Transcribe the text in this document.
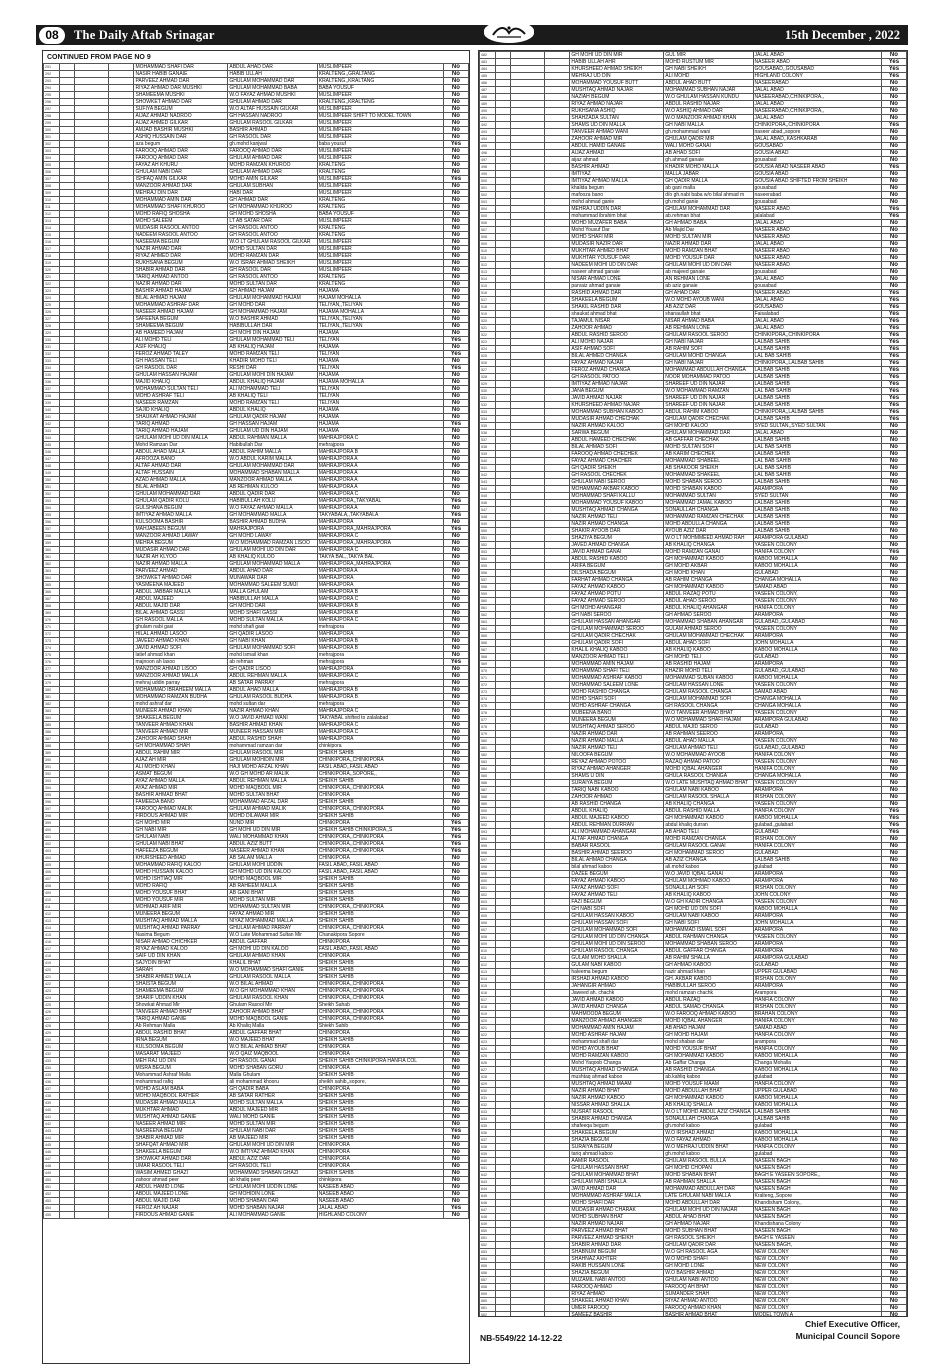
08	The Daily Aftab Srinagar	15th December , 2022
CONTINUED FROM PAGE NO 9
291				MOHAMMAD SHAFI DAR	ABDUL AHAD DAR	MUSLIMPEER	No
292				NASIR HABIB GANAIE	HABIB ULLAH	KRALTENG,,GRALTANG	No
293				PARVEEZ AHMAD DAR	GHULAM MOHAMMAD DAR	KRALTENG,,KRALTANG	No
294				RIYAZ AHMAD DAR MUSHKI	GHULAM MOHAMMAD BABA	BABA YOUSUF	No
295				SHAMEEMA MUSHKI	W.O FAYAZ AHMAD MUSHKI	MUSLIMPEER	No
296				SHOWKET AHMAD DAR	GHULAM AHMAD DAR	KRALTENG,,KRALTENG	No
297				SUFIYA BEGUM	W.O ALTAF HUSSAIN GILKAR	MUSLIMPEER	No
298				AIJAZ AHMAD NADROO	GH HASSAN NADROO	MUSLIMPEER SHIFT TO MODEL TOWN	No
299				AIJAZ AHMED GILKAR	GHULAM RASOOL GILKAR	MUSLIMPEER	No
300				AMJAD BASHIR MUSHKI	BASHIR AHMAD	MUSLIMPEER	No
301				ASHIQ HUSSAIN DAR	GH RASOOL DAR	MUSLIMPEER	No
302				aza begum	gh.mohd kanjwal	baba yousuf	Yes
303				FAROOQ AHMAD DAR	FAROOQ AHMAD DAR	MUSLIMPEER	No
304				FAROOQ AHMAD DAR	GHULAM AHMAD DAR	MUSLIMPEER	No
305				FAYAZ AH KHURU	MOHD RAMZAN KHUROO	KRALTENG	No
306				GHULAM NABI DAR	GHULAM AHMAD DAR	KRALTENG	No
307				ISHFAQ AMIN GILKAR	MOHD AMIN GILKAR	MUSLIMPEER	Yes
308				MANZOOR AHMAD DAR	GHULAM SUBHAN	MUSLIMPEER	No
309				MEHRAJ DIN DAR	HABI DAR	MUSLIMPEER	No
310				MOHAMMAD AMIN DAR	GH AHMAD DAR	KRALTENG	No
311				MOHAMMAD SHAFI KHUROO	GH MOHAMMAD KHUROO	KRALTENG	No
312				MOHD RAFIQ SHOSHA	GH MOHD SHOSHA	BABA YOUSUF	No
313				MOHD SALEEM	LT AB SATAR DAR	MUSLIMPEER	No
314				MUDASIR RASOOL ANTOO	GH RASOOL ANTOO	KRALTENG	No
315				NADEEM RASOOL ANTOO	GH RASOOL ANTOO	KRALTENG	No
316				NASEEMA BEGUM	W.O LT GHULAM RASOOL GILKAR	MUSLIMPEER	No
317				NAZIR AHMAD DAR	MOHD SULTAN DAR	MUSLIMPEER	No
318				RIYAZ AHMED DAR	MOHD RAMZAN DAR	MUSLIMPEER	No
319				RUKHSANA BEGUM	W.O ISRAR AHMAD SHEIKH	MUSLIMPEER	No
320				SHABIR AHMAD DAR	GH RASOOL DAR	MUSLIMPEER	No
321				TARIQ AHMAD ANTOO	GH RASOOL ANTOO	KRALTENG	No
322				NAZIR AHMAD DAR	MOHD SULTAN DAR	KRALTENG	No
323				BASHIR AHMAD HAJAM	GH AHMAD HAJAM	HAJAMA	No
324				BILAL AHMAD HAJAM	GHULAM MOHAMMAD HAJAM	HAJAM MOHALLA	No
325				MOHAMMAD ASHRAF DAR	GH MOHD DAR	TELIYAN,,TELIYAN	No
326				NASEER AHMAD HAJAM	GH MOHAMMAD HAJAM	HAJAMA MOHALLA	No
327				SAFEENA BEGUM	W.O BASHIR AHMAD	TELIYAN,,TELIYAN	No
328				SHAMEEMA BEGUM	HABIBULLAH DAR	TELIYAN,,TELIYAN	No
329				AB HAMEED HAJAM	GH MOHI DIN HAJAM	HAJAMA	No
330				ALI MOHD TELI	GHULAM MOHAMMAD TELI	TELIYAN	Yes
331				ASIF KHALIQ	AB KHALIQ HAJAM	HAJAMA	No
332				FEROZ AHMAD TALEY	MOHD RAMZAN TELI	TELIYAN	Yes
333				GH HASSAN TELI	KHADIR MOHD TELI	HAJAMA	No
334				GH RASOOL DAR	RESHI DAR	TELIYAN	Yes
335				GHULAM HASSAN HAJAM	GHULAM MOHI DIN HAJAM	HAJAMA	No
336				MAJID KHALIQ	ABDUL KHALIQ HAJAM	HAJAMA MOHALLA	No
337				MOHAMMAD SULTAN TELI	ALI MOHAMMAD TELI	TELIYAN	No
338				MOHD ASHRAF TELI	AB KHALIQ TELI	TELIYAN	No
339				NASEER RAMZAN	MOHD RAMZAN TELI	TELIYAN	No
340				SAJID KHALIQ	ABDUL KHALIQ	HAJAMA	No
341				SHAUKAT AHMAD HAJAM	GHULAM QADIR HAJAM	HAJAMA	No
342				TARIQ AHMAD	GH HASSAN HAJAM	HAJAMA	Yes
343				TARIQ AHMAD HAJAM	GHULAM UD DIN HAJAM	HAJAMA	No
344				GHULAM MOHI UD DIN MALLA	ABDUL RAHMAN MALLA	MAHRAJPORA C	No
345				Mohd Ramzan Dar	Habibullah Dar	mehrajpora	No
346				ABDUL AHAD MALLA	ABDUL RAHIM MALLA	MAHRAJPORA B	No
347				AFROOZA BANO	W.O ABDUL KARIM MALLA	MAHRAJPORA A	No
348				ALTAF AHMAD DAR	GHULAM MOHAMMAD DAR	MAHRAJPORA A	No
349				ALTAF HUSSAIN	MOHAMMAD SHABAN MALLA	MAHRAJPORA A	No
350				AZAD AHMAD MALLA	MANZOOR AHMAD MALLA	MAHRAJPORA A	No
351				BILAL AHMAD	AB REHMAN KULOO	MAHRAJPORA A	No
352				GHULAM MOHAMMAD DAR	ABDUL QADIR DAR	MAHRAJPORA C	No
353				GHULAM QADIR KOLU	HABIBULLAH KOLU	MAHRAJPORA,,TAKYABAL	Yes
354				GULSHANA BEGUM	W.O FAYAZ AHMAD MALLA	MAHRAJPORA A	No
355				IMTIYAZ AHMAD MALLA	GH MOHAMMAD MALLA	TAKYABALA,,TAKYABALA	Yes
356				KULSOOMA BASHIR	BASHIR AHMAD BUDHA	MAHRAJPORA	No
357				MAHJABEEN BEGUM	MAHRAJPORA	MAHRAJPORA,,MAHRAJPORA	Yes
358				MANZOOR AHMAD LAWAY	GH MOHD LAWAY	MAHRAJPORA C	No
359				MEHRA BEGUM	W.O MOHAMMAD RAMZAN LISOO	MAHRAJPORA,,MAHRAJPORA	No
360				MUDASIR AHMAD DAR	GHULAM MOHI UD DIN DAR	MAHRAJPORA C	No
361				NAZIR AH KLYOO	AB KHALIQ KULOO	TAKYA BAL,,TAKYA BAL	No
362				NAZIR AHMAD MALLA	GHULAM MOHAMMAD MALLA	MAHRAJPORA,,MAHRAJPORA	No
363				PARVEEZ AHMAD	ABDUL AHAD DAR	MAHRAJPORA A	No
364				SHOWKET AHMAD DAR	MUNAWAR DAR	MAHRAJPORA	No
365				YASMEENA MAJEED	MOHAMMAD SALEEM SUMJI	MAHRAJPORA	No
366				ABDUL JABBAR MALLA	MALLA GHULAM	MAHRAJPORA B	No
367				ABDUL MAJEED	HABIBULLAH MALLA	MAHRAJPORA C	No
368				ABDUL MAJID DAR	GH MOHD DAR	MAHRAJPORA B	No
369				BILAL AHMAD GASSI	MOHD SHAFI GASSI	MAHRAJPORA B	No
370				GH RASOOL MALLA	MOHD SULTAN MALLA	MAHRAJPORA C	No
371				ghulam nabi gasi	mohd shafi gasi	mehrajpora	No
372				HILAL AHMAD LASOO	GH QADIR LASOO	MAHRAJPORA	No
373				JAVEED AHMAD KHAN	GH NABI KHAN	MAHRAJPORA B	No
374				JAVID AHMAD SOFI	GHULAM MOHAMMAD SOFI	MAHRAJPORA B	No
375				latief ahmad khan	mohd ismail khan	mehrajpora	No
376				majnoon ah lasoo	ab rehman	mehrajpora	Yes
377				MANZOOR AHMAD LISOO	GH QADIR LISOO	MAHRAJPORA	No
378				MANZOOR AHMAD MALLA	ABDUL REHMAN MALLA	MAHRAJPORA C	No
379				mehraj uddin parray	AB SATAR PARRAY	mehrajpora	No
380				MOHAMMAD IBRAHEEM MALLA	ABDUL AHAD MALLA	MAHRAJPORA B	No
381				MOHAMMAD RAMZAN BUDHA	GHULAM RASOOL BUDHA	MAHRAJPORA B	No
382				mohd ashraf dar	mohd sultan dar	mehrajpora	No
383				MUNEER AHMAD KHAN	NAZIR AHMAD KHAN	MAHRAJPORA C	No
384				SHAKEELA BEGUM	W.O JAVID AHMAD WANI	TAKYABAL shifted to zalalabad	No
385				TANVEER AHMAD KHAN	BASHIR AHMAD KHAN	MAHRAJPORA C	No
386				TANVEER AHMAD MIR	MUNEER HASSAN MIR	MAHRAJPORA C	No
387				ZAHOOR AHMAD SHAH	ABDUL RASHID SHAH	MAHRAJPORA	No
388				GH MOHAMMAD SHAH	mohammad ramzan dar	chinkipora	No
389				ABDUL RAHIM MIR	GHULAM RASOOL MIR	SHEIKH SAHIB	No
390				AJAZ AH MIR	GHULAM MOHIDIN MIR	CHINKIPORA,,CHINKIPORA	No
391				ALI MOHD KHAN	HAJI MOHD AFZAL KHAN	FASIL ABAD,,FASIL ABAD	No
392				ASMAT BEGUM	W.O GH MOHD AR MALIK	CHINKIPORA,,SOPORE,,	No
393				AYAZ AHMAD MALLA	ABDUL REHMAN MALLA	SHEIKH SAHIB	No
394				AYAZ AHMAD MIR	MOHD MAQBOOL MIR	CHINKIPORA,,CHINKIPORA	No
395				BASHIR AHMAD BHAT	MOHD SULTAN BHAT	CHINKIPORA	No
396				FAMEEDA BANO	MOHAMMAD AFZAL DAR	SHEIKH SAHIB	No
397				FAROOQ AHMAD MALIK	GHULAM AHMAD MALIK	CHINKIPORA,,CHINKIPORA	No
398				FIRDOUS AHMAD MIR	MOHD DILAWAR MIR	SHEIKH SAHIB	No
399				GH MOHD MIR	NUND MIR	CHINKIPORA	Yes
400				GH NABI MIR	GH MOHI UD DIN MIR	SHEIKH SAHIB CHINKIPORA,,S	Yes
401				GHULAM NABI	WALI MOHAMMAD KHAN	CHINKIPORA,,CHINKIPORA	Yes
402				GHULAM NABI BHAT	ABDUL AZIZ BUTT	CHINKIPORA,,CHINKIPORA	Yes
403				HAFEEZA BEGUM	NASEER AHMAD KHAN	CHINKIPORA,,CHINKIPORA	Yes
404				KHURSHEED AHMAD	AB SALAM MALLA	CHINKIPORA	No
405				MOHAMMAD RAFIQ KALOO	GHULAM MOHI UDDIN	FASIL ABAD,,FASIL ABAD	No
406				MOHD HUSSAIN KALOO	GH MOHD UD DIN KALOO	FASIL ABAD,,FASIL ABAD	No
407				MOHD ISHTIAQ MIR	MOHD MAQBOOL MIR	SHEIKH SAHIB	No
408				MOHD RAFIQ	AB RAHEEM MALLA	SHEIKH SAHIB	No
409				MOHD YOUSUF BHAT	AB GANI BHAT	SHEIKH SAHIB	No
410				MOHD YOUSUF MIR	MOHD SULTAN MIR	SHEIKH SAHIB	No
411				MOHMAD ARIF MIR	MOHAMMAD SULTAN MIR	CHINKIPORA,,CHINKIPORA	No
412				MUNEERA BEGUM	FAYAZ AHMAD MIR	SHEIKH SAHIB	No
413				MUSHTAQ AHMAD MALLA	NIYAZ MOHAMMAD MALLA	SHEIKH SAHIB	No
414				MUSHTAQ AHMAD PARRAY	GHULAM AHMAD PARRAY	CHINKIPORA,,CHINKIPORA	No
415				Nasima Begum	W.O Late Mohammad Sultan Mir	Chanakipora Sopore	No
416				NISAR AHMAD CHICHKER	ABDUL GAFFAR	CHINKIPORA	No
417				RIYAZ AHMAD KALOO	GH MOHI UD DIN KALOO	FASIL ABAD,,FASIL ABAD	No
418				SAIF UD DIN KHAN	GHULAM AHMAD KHAN	CHINKIPORA	No
419				SAJYDIN BHAT	KHALIL BHAT	SHEIKH SAHIB	No
420				SARAH	W.O MOHAMMAD SHAFI GANIE	SHEIKH SAHIB	No
421				SHABIR AHMED MALLA	GHULAM RASOOL MALLA	SHEIKH SAHIB	No
422				SHAISTA BEGUM	W.O BILAL AHMAD	CHINKIPORA,,CHINKIPORA	No
423				SHAMEEMA BEGUM	W.O GH MOHAMMAD KHAN	CHINKIPORA,,CHINKIPORA	No
424				SHARIF UDDIN KHAN	GHULAM RASOOL KHAN	CHINKIPORA,,CHINKIPORA	No
425				Showkat Ahmad Mir	Ghulam Rasool Mir	Sheikh Sahab	No
426				TANVEER AHMAD BHAT	ZAHOOR AHMAD BHAT	CHINKIPORA,,CHINKIPORA	No
427				TARIQ AHMAD GANIE	MOHD MAQBOOL GANIE	CHINKIPORA,,CHINKIPORA	No
428				Ab Rehman Malla	Ab Khaliq Malla	Shiekh Sahib	No
429				ABDUL RASHID BHAT	ABDUL GAFFAR BHAT	CHINKIPORA	No
430				IRNA BEGUM	W.O MAJEED BHAT	SHEIKH SAHIB	No
431				KULSOOMA BEGUM	W.O BILAL AHMAD BHAT	CHINKIPORA	No
432				MASARAT MAJEED	W.O QAIZ MAQBOOL	CHINKIPORA	No
433				MEH RAJ UD DIN	GH RASOOL GANAI	SHEIKH SAHIB CHINKIPORA HANFIA COL	No
434				MISRA BEGUM	MOHD SHABAN GORU	CHINKIPORA	No
435				Mohammad Ashraf Malla	Malla Ghulam	SHEIKH SAHIB	No
436				mohammad rafiq	ali mohammad khooru	sheikh sahib,,sopore,	No
437				MOHD ASLAM BABA	GH QADIR BABA	CHINKIPORA	No
438				MOHD MAQBOOL RATHER	AB SATAR RATHER	SHEIKH SAHIB	No
439				MUDASIR AHMAD MALLA	MOHD SULTAN MALLA	SHEIKH SAHIB	No
440				MUKHTAR AHMAD	ABDUL MAJEED MIR	SHEIKH SAHIB	No
441				MUSHTAQ AHMAD GANIE	WALI MOHD GANIE	SHEIKH SAHIB	No
442				NASEER AHMAD MIR	MOHD SULTAN MIR	SHEIKH SAHIB	No
443				NASREENA BEGUM	GHULAM NABI DAR	SHEIKH SAHIB	Yes
444				SHABIR AHMAD MIR	AB MAJEED MIR	SHEIKH SAHIB	No
445				SHAFQAT AHMAD MIR	GHULAM MOHI UD DIN MIR	CHINKIPORA	No
446				SHAKEELA BEGUM	W.O IMTIYAZ AHMAD KHAN	CHINKIPORA	No
447				SHOWKAT AHMAD DAR	ABDUL AZIZ DAR	CHINKIPORA	No
448				UMAR RASOOL TELI	GH RASOOL TELI	CHINKIPORA	No
449				WASIM AHMED GHAZI	MOHAMMAD SHABAN GHAZI	SHEIKH SAHIB	No
450				zahoor ahmad peer	ab khaliq peer	chinkipora	No
451				ABDUL HAMID LONE	GHULAM MOHI UDDIN LONE	NASEEB ABAD	No
452				ABDUL MAJEED LONE	GH MOHIDIN LONE	NASEEB ABAD	No
453				ABDUL MAJID DAR	MOHD SHABAN DAR	NASEEB ABAD	No
454				FEROZ AH NAJAR	MOHD SHABAN NAJAR	JALAL ABAD	Yes
455				FIRDOUS AHMAD GANIE	ALI MOHAMMAD GANIE	HIGHLAND COLONY	No
482				GH MOHI UD DIN MIR	GUL MIR	JALAL ABAD	No
483				HABIB ULLAH AHR	MOHD RUSTUM MIR	NASEER ABAD	Yes
484				KHURSHEED AHMAD SHEIKH	GH NABI SHEIKH	GOUSABAD,,GOUSABAD	Yes
485				MEHRAJ UD DIN	ALI MOHD	HIGHLAND COLONY	Yes
486				MOHAMMAD YOUSUF BUTT	ABDUL AHAD BUTT	NASEERABAD	No
487				MUSHTAQ AHMAD NAJAR	MOHAMMAD SUBHAN NAJAR	JALAL ABAD	No
488				NAZIAH BEGUM	W.O GHULAM HASSAN KUNDU	NASEERABAD,CHINKIPORA,,	No
489				RIYAZ AHMAD NAJAR	ABDUL RASHID NAJAR	JALAL ABAD	No
490				RUKHSANA ASHIQ	W.O ASHIQ AHMAD DAR	NASEERABAD,CHINKIPORA,,	No
491				SHAHZADA SULTAN	W.O MANZOOR AHMAD KHAN	JALAL ABAD	No
492				SHAMS UD DIN MALLA	GH NABI MALLA	CHINKIPORA,,CHINKIPORA	Yes
493				TANVEER AHMAD WANI	gh.mohammad wani	naseer abad,,sopore	No
494				ZAHOOR AHMAD MIR	GHULAM QADIR MIR	JALAL ABAD,,KASHKARAB	No
495				ABDUL HAMID GANAIE	WALI MOHD GANAI	GOUSABAD	No
496				AIJAZ AHMAD	AB AHAD SOFI	GOUSIA ABAD	No
497				aijaz ahmad	gh.ahmad ganaie	gousabad	No
498				BASHIR AHMAD	KHADIR MOHD MALLA	GOUSIA ABAD NASEER ABAD	Yes
499				IMTIYAZ	MALLA JABAR	GOUSIA ABAD	No
500				IMTIYAZ AHMAD MALLA	GH QADIR MALLA	GOUSIA ABAD SHIFTED FROM SHEIKH	No
501				khalida begum	ab gani malla	gousabad	No
502				mafooza bano	d/o gh.nabi baba w/o bilal ahmad m	naseerabad	No
503				mohd ahmad ganie	gh.mohd ganie	gousabad	No
504				MEHRAJ UDDIN DAR	GHULAM MOHAMMAD DAR	NASEER ABAD	Yes
505				mohammad ibrahim bhat	ab.rehman bhat	jalalabad	Yes
506				MOHD MUZAFER BABA	GH AHMAD BABA	JALAL ABAD	No
507				Mohd Yousuf Dar	Ab Majid Dar	NASEER ABAD	No
508				MOHD SHAFI MIR	MOHD SULTAN MIR	NASEER ABAD	No
509				MUDASIR NAZIR DAR	NAZIR AHMAD DAR	JALAL ABAD	No
510				MUKHTAR AHMED BHAT	MOHD RAMZAN BHAT	NASEER ABAD	No
511				MUKHTAR YOUSUF DAR	MOHD YOUSUF DAR	NASEER ABAD	No
512				NADEEM MOHI UD DIN DAR	GHULAM MOHI UD DIN DAR	NASEER ABAD	No
513				naseer ahmad ganaie	ab majeed ganaie	gousabad	No
514				NISAR AHMAD LONE	AN REHMAN LONE	JALAL ABAD	No
515				parvaiz ahmad ganaie	ab aziz ganaie	gousabad	No
516				RASHID AHMAD DAR	GH AHAD DAR	NASEER ABAD	Yes
517				SHAKEELA BEGUM	W.O MOHD AYOUB WANI	JALAL ABAD	Yes
518				SHAKIL RASHID DAR	AB AZIZ DAR	GOUSABAD	Yes
519				shaukat ahmad bhat	shanaullah bhat	Faisalabad	Yes
520				TAJAMUL NISAR	NISAR AHMAD BABA	JALAL ABAD	Yes
521				ZAHOOR AHMAD	AB REHMAN LONE	JALAL ABAD	Yes
522				ABDUL RASHID SEROO	GHULAM RASOOL SEROO	CHINKIPORA,,CHINKIPORA	Yes
523				ALI MOHD NAJAR	GH NABI NAJAR	LALBAB SAHIB	Yes
524				ASIF AHMAD SOFI	AB RAHIM SOFI	LALBAB SAHIB	Yes
525				BILAL AHMED CHANGA	GHULAM MOHD CHANGA	LAL BAB SAHIB	Yes
526				FAYAZ AHMAD NAJAR	GH NABI NAJAR	CHINKIPORA,,LALBAB SAHIB	Yes
527				FEROZ AHMAD CHANGA	MOHAMMAD ABDULLAH CHANGA	LALBAB SAHIB	Yes
528				GH RASOOL PATOO	NOOR MOHAMMAD PATOO	LALBAB SAHIB	Yes
529				IMTIYAZ AHMAD NAJAR	SHAREEF UD DIN NAJAR	LALBAB SAHIB	Yes
530				JANA BEGUM	W.O MOHAMMAD RAMZAN	LAL BAB SAHIB	Yes
531				JAVID AHMAD NAJAR	SHAREEF UD DIN NAJAR	LALBAB SAHIB	Yes
532				KHURSHEED AHMAD NAJAR	SHAREEF UD DIN NAJAR	LALBAB SAHIB	Yes
533				MOHAMMAD SUBHAN KABOO	ABDUL RAHIM KABOO	CHINKIPORA,,LALBAB SAHIB	Yes
534				MUDASIR AHMAD CHECHAK	GHULAM QADIR CHECHAK	LALBAB SAHIB	Yes
535				NAZIR AHMAD KALOO	GH MOHD KALOO	SYED SULTAN,,SYED SULTAN	No
536				SARWA BEGUM	GHULAM MOHAMMAD DAR	JALAL ABAD	No
537				ABDUL HAMEED CHECHAK	AB GAFFAR CHECHAK	LALBAB SAHIB	No
538				BILAL AHMAD SOFI	MOHD SULTAN SOFI	LAL BAB SAHIB	No
539				FAROOQ AHMAD CHECHEK	AB KARIM CHECHEK	LALBAB SAHIB	No
540				FAYAZ AHMAD CHACHER	MOHAMMAD SHABEEL	LAL BAB SAHIB	No
541				GH QADIR SHEIKH	AB SHAKOOR SHEIKH	LAL BAB SAHIB	No
542				GH RASOOL CHECHEK	MOHAMMAD SHAKEEL	LAL BAB SAHIB	No
543				GHULAM NABI SEROO	MOHD SHABAN SEROO	LALBAB SAHIB	No
544				MOHAMMAD AKBAR KABOO	MOHD SHABAN KABOO	ARAMPORA	No
545				MOHAMMAD SHAFI KALLU	MOHAMMAD SULTAN	SYED SULTAN	No
546				MOHAMMAD YOUSUF KABOO	MOHAMMAD JAMAL KABOO	LALBAB SAHIB	No
547				MUSHTAQ AHMAD CHANGA	SONAULLAH CHANGA	LALBAB SAHIB	No
548				NAZIR AHMAD TELI	MOHAMMAD RAMZAN CHECHAK	LALBAB SAHIB	No
549				NAZIR AHMAD CHANGA	MOHD ABDULLA CHANGA	LALBAB SAHIB	No
550				SHAKIR AYOOB DAR	AYOUB AZIZ DAR	LALBAB SAHIB	No
551				SHAZIYA BEGUM	W.O LT MOHMMEED AHMAD RAH	ARAMPORA GULABAD	No
552				JAVED AHMAD CHANGA	AB KHALIQ CHANGA	YASEEN COLONY	No
553				JAVID AHMAD GANAI	MOHD RAMZAN GANAI	HANIFA COLONY	Yes
554				ABDUL RASHID KABOO	GH MOHAMMAD KABOO	KABOO MOHALLA	No
555				ARIFA BEGUM	GH MOHD AKBAR	KABOO MOHALLA	No
556				DILSHADA BEGUM	GH MOHD KHAN	GULABAD	No
557				FARHAT AHMAD CHANGA	AB RAHIM CHANGA	CHANGA MOHALLA	No
558				FAYAZ AHMAD KABOO	GH MOHAMMAD KABOO	SAMAD ABAD	No
559				FAYAZ AHMAD POTU	ABDUL RAZAQ POTU	YASEEN COLONY,	No
560				FAYAZ AHMAD SEROO	ABDUL AHAD SEROO	YASEEN COLONY	No
561				GH MOHD AHANGAR	ABDUL KHALIQ AHANGAR	HANIFA COLONY	No
562				GH NABI SEROO	GH AHMAD SEROO	ARAMPORA	No
563				GHULAM HASSAN AHANGAR	MOHAMMAD SHABAN AHANGAR	GULABAD,,GULABAD	No
564				GHULAM MOHAMMAD SEROO	GULAM AHMAD SEROO	YASEEN COLONY	No
565				GHULAM QADIR CHECHAK	GHULAM MOHAMMAD CHECHAK	ARAMPORA	No
566				GHULAM QADIR SOFI	ABDUL AHAD SOFI	JOHN MOHALLA	No
567				KHALIL KHALIQ KABOO	AB KHALIQ KABOO	KABOO MOHALLA	No
568				MANZOOR AHMAD TELI	GH MOHD TELI	GULABAD	No
569				MOHAMMAD AMIN HAJAM	AB RASHID HAJAM	ARAMPORA	No
570				MOHAMMAD SHAFI TELI	KHAZIR MOHD TELI	GULABAD,,GULABAD	No
571				MOHAMMAD ASHRAF KABOO	MOHAMMAD SUBAN KABOO	KABOO MOHALLA	No
572				MOHAMMAD SALEEM LONE	GHULAM HASSAN LONE	YASEEN COLONY	No
573				MOHD RASHID CHANGA	GHULAM RASOOL CHANGA	SAMAD ABAD	No
574				MOHD SHAFI SOFI	GHULAM MOHAMMAD SOFI	CHANGA MOHALLA	No
575				MOHD ASHRAF CHANGA	GH RASOOL CHANGA	CHANGA MOHALLA	No
576				MUBEENA BANO	W.O TANVEER AHMAD BHAT	YASEEN COLONY	No
577				MUNEERA BEGUM	W.O MOHAMMAD SHAFI HAJAM	ARAMPORA GULABAD	No
578				MUSHTAQ AHMAD SEROO	ABDUL MAJID SEROO	GULABAD	No
579				NAZIR AHMAD DAR	AB RAHMAN SEEROO	ARAMPORA,	No
580				NAZIR AHMAD MALLA	ABDUL AHAD MALLA	YASEEN COLONY	No
581				NAZIR AHMAD TELI	GHULAM AHMAD TELI	GULABAD,,GULABAD	No
582				NILOOFA BEGUM	W.O MOHAMMAD AYOOB	HANIFA COLONY	No
583				REYAZ AHMAD POTOO	RAZAQ AHMAD PATOO	YASEEN COLONY	No
584				RIYAZ AHMAD AHANGER	MOHD IQBAL AHANGER	HANIFA COLONY	No
585				SHAMS U DIN	GHULA RASOOL CHANGA	CHANGA MOHALLA	No
586				SURAIYA BEGUM	W.O LATE MUSHTAQ AHMAD BHAT	YASEEN COLONY	No
587				TARIQ NABI KABOO	GHULAM NABI KABOO	ARAMPORA	No
588				ZAHOOR AHMAD	GHULAM RASOOL SHALLA	IRSHAN COLONY	No
589				AB RASHID CHANGA	AB KHALIQ CHANGA	YASEEN COLONY	No
590				ABDUL KHALIQ	ABDUL RASHID MALLA	HANFIA COLONY	Yes
591				ABDUL MAJEED KABOO	GH MOHAMMAD KABOO	KABOO MOHALLA	Yes
592				ABDUL REHMAN DURRAN	abdul khaliq durran	gulabad,,gulabad	Yes
593				ALI MOHAMMAD AHANGAR	AB AHAD TELI	GULABAD	Yes
594				ALTAF AHMAD CHANGA	MOHD RAMZAN CHANGA	IRSHAN COLONY	No
595				BABAR RASOOL	GHULAM RASOOL GANAI	HANIFA COLONY	No
596				BASHIR AHMAD SEEROO	GH MOHAMMAD SEROO	GULABAD	No
597				BILAL AHMAD CHANGA	AB AZIZ CHANGA	LALBAB SAHIB	No
598				bilal ahmad kaboo	ali.mohd kaboo	gulabad	No
599				DAZEE BEGUM	W.O JAVID IQBAL GANAI	ARAMPORA	No
600				FAYAZ AHMAD KABOO	GHULAM MOHMAD KABOO	ARAMPORA	No
601				FAYAZ AHMAD SOFI	SONAULLAH SOFI	IRSHAN COLONY	No
602				FAYAZ AHMAD TELI	AB KHALIQ KABOO	JOHN COLONY	No
603				FAZI BEGUM	W.O GH KADIR CHANGA	YASEEN COLONY	No
604				GH NABI SOFI	GH MOHD UD DIN SOFI	KABOO MOHALLA	No
605				GHULAM HASSAN KABOO	GHULAM NABI KABOO	ARAMPORA	No
606				GHULAM HASSAN SOFI	GH NABI SOFI	JOHN MOHALLA	No
607				GHULAM MOHAMMAD SOFI	MOHAMMAD ISMAIL SOFI	ARAMPORA	No
608				GHULAM MOHI UD DIN CHANGA	ABDUL RAHMAN CHANGA	YASEEN COLONY	No
609				GHULAM MOHI UD DIN SEROO	MOHAMMAD SHABAN SEROO	ARAMPORA	No
610				GHULAM RASOOL CHANGA	ABDUL GAFFAR CHANGA	ARAMPORA	No
611				GULAM MOHD SHALLA	AB RAHIM SHALLA	ARAMPORA GULABAD	No
612				GULAM NABI KABOO	GH AHMAD KABOO	GULABAD	No
613				haleema begum	nazir ahmad khan	UPPER GULABAD	No
614				IRSHAD AHMAD KABOO	GH. AKBAR KABOO	IRSHAN COLONY	No
615				JAHANGIR AHMAD	HABIBULLAH SEROO	ARAMPORA	No
616				Jaweed ah. chachk	mohd ramzan chachk	Arampora	No
617				JAVID AHMAD KABOO	ABDUL RAZAQ	HANFIA COLONY	No
618				JAVID AHMAD CHANGA	ABDUL SAMAD CHANGA	IRSHAN COLONY	No
619				MAHMOODA BEGUM	W.O FAROOQ AHMAD KABOO	BRAHAN COLONY	No
620				MANZOOR AHMAD AHANGER	MOHD IQBAL AHANGER	HANIFA COLONY	No
621				MOHAMMAD AMIN HAJAM	AB AHAD HAJAM	SAMAD ABAD	No
622				MOHD ASHRAF HAJAM	GH MOHD HAJAM	HANFIA COLONY	No
623				mohammad shafi dar	mohd shaban dar	arampora	No
624				MOHD AYOUB BHAT	MOHD YOUSUF BHAT	HANFIA COLONY	No
625				MOHD RAMZAN KABOO	GH MOHAMMAD KABOO	KABOO MOHALLA	No
626				Mohd Yaqoob Changa	Ab Gaffar Changa	Changa Mohalla	No
627				MUSHTAQ AHMAD CHANGA	AB RASHID CHANGA	KABOO MOHALLA	No
628				mushtaq ahmad kaboo	ab.kahliq kaboo	gulabad	No
629				MUSHTAQ AHMAD MAAM	MOHD YOUSUF MAAM	HANFIA COLONY	No
630				NAZIR AHMAD BHAT	MOHD ABDULLAH BHAT	UPPER GULABAD	No
631				NAZIR AHMAD KABOO	GH MOHAMMAD KABOO	KABOO MOHALLA	No
632				NISSAR AHMAD SHALLA	AB KHALIQ SHALLA	KABOO MOHALLA	No
633				NUSRAT RASOOL	W.O LT MOHD ABDUL AZIZ CHANGA	LALBAB SAHIB	No
634				SHABIR AHMAD CHANGA	SONAULLAH CHANGA	LALBAB SAHIB	No
635				shafeeqa begum	gh.mohd kaboo	gulabad	No
636				SHAKEELA BEGUM	W.O IRSHAD AHMAD	KABOO MOHALLA	No
637				SHAZIA BEGUM	W.O FAYAZ AHMAD	KABOO MOHALLA	No
638				SURAIYA BEGUM	W.O MEHRAJ UDDIN BHAT	HANFIA COLONY	No
639				tariq ahmad kaboo	gh.mohd kaboo	gulabad	No
640				AAMIR RASOOL	GHULAM RASOOL BULLA	NASEEN BAGH	No
641				GHULAM HASSAN BHAT	GH MOHD CHOPAN	NASEEN BAGH	No
642				GHULAM MOHAMMAD BHAT	MOHD SHABAN BHAT	BAGH E YASEEN SOPORE,,	No
643				GHULAM NABI SHALLA	AB RAHMAN SHALLA	NASEEN BAGH	No
644				JAVID AHMAD DAR	MOHAMMAD ABDULLAH DAR	NASEEN BAGH	No
645				MOHAMMAD ASHRAF MALLA	LATE GHULAM NABI MALLA	Kralteng,,Sopore	No
646				MOHD SHAFI DAR	MOHD ABDULLAH DAR	Khandisham Colony,,	No
647				MUDASIR AHMAD CHARAK	GHULAM MOHI UD DIN NAJAR	NASEEN BAGH	No
648				MOHD SUBHAN BHAT	ABDUL AHAD BHAT	NASEEN BAGH	No
649				NAZIR AHMAD NAJAR	GH AHMAD NAJAR	Khandishana Colony	No
650				PARVEEZ AHMAD BHAT	MOHD SUBHAN BHAT	NASEEN BAGH	No
651				PARVEEZ AHMAD SHEIKH	GH RASOOL SHEIKH	BAGH E YASEEN	No
652				SHABIR AHMAD DAR	GHULAM QADIR DAR	NASEEN BAGH,	No
653				SHABNUM BEGUM	W.O GH RASOOL AGA	NEW COLONY	No
654				SHAHNAZ AKHTER	W.O MOHD SHAFI	NEW COLONY	No
655				RAKIB HUSSAIN LONE	GH MOHD LONE	NEW COLONY	No
656				SHAZIA BEGUM	W.O BASHIR AHMAD	NEW COLONY	No
657				MUZAMIL NABI ANTOO	GHULAM NABI ANTOO	NEW COLONY	No
658				FAROOQ AHMAD	FAROOQ AH BHAT	NEW COLONY	No
659				RIYAZ AHMAD	SUMANDER SHAH	NEW COLONY	No
660				SHAKEEL AHMAD KHAN	RIYAZ AHMAD ANTOO	NEW COLONY	No
661				UMER FAROOQ	FAROOQ AHMAD KHAN	NEW COLONY	No
662				SAMEEZ BASHIR	BASHIR AHMAD BHAT	MODEL TOWN A	No

NB-5549/22 14-12-22
Chief Executive Officer,
Municipal Council Sopore
